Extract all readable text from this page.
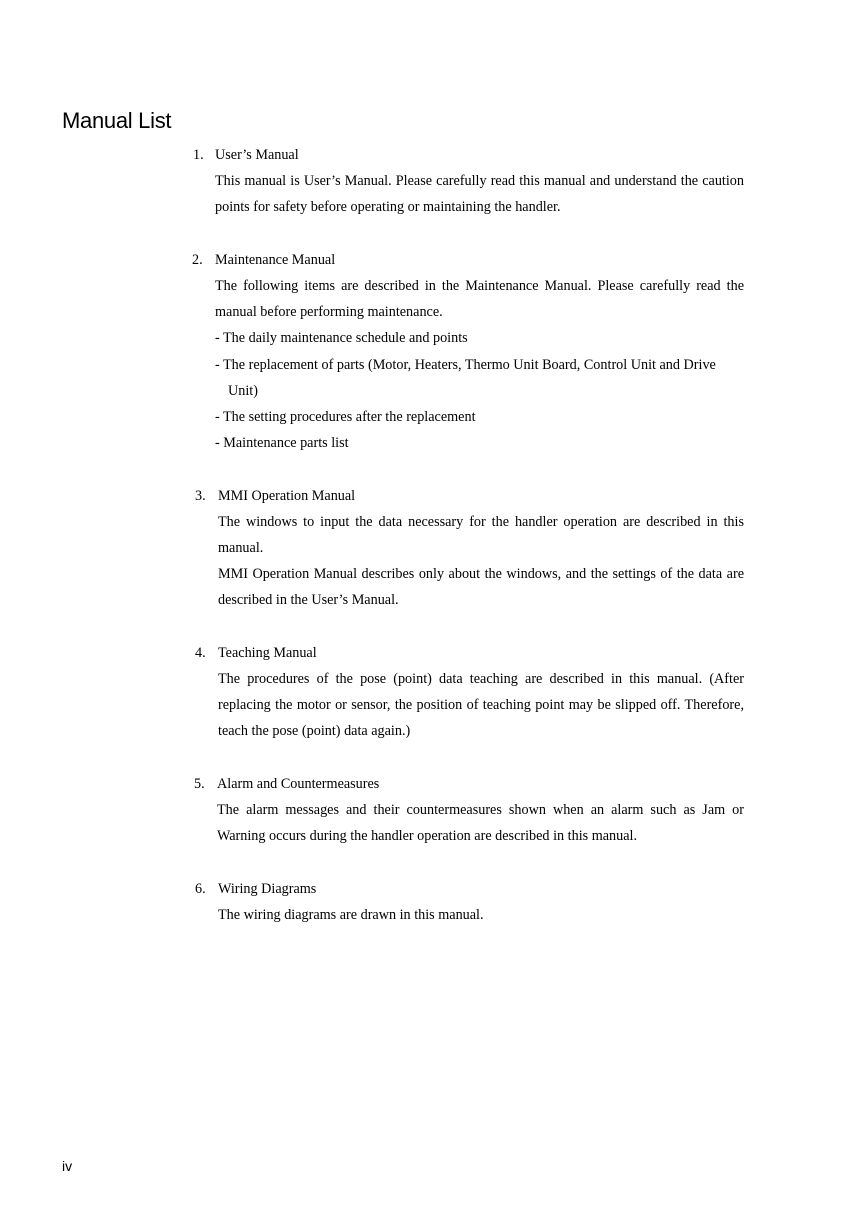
Manual List
1. User’s Manual
This manual is User’s Manual. Please carefully read this manual and understand the caution points for safety before operating or maintaining the handler.
2. Maintenance Manual
The following items are described in the Maintenance Manual. Please carefully read the manual before performing maintenance.
- The daily maintenance schedule and points
- The replacement of parts (Motor, Heaters, Thermo Unit Board, Control Unit and Drive Unit)
- The setting procedures after the replacement
- Maintenance parts list
3. MMI Operation Manual
The windows to input the data necessary for the handler operation are described in this manual.
MMI Operation Manual describes only about the windows, and the settings of the data are described in the User’s Manual.
4. Teaching Manual
The procedures of the pose (point) data teaching are described in this manual. (After replacing the motor or sensor, the position of teaching point may be slipped off. Therefore, teach the pose (point) data again.)
5. Alarm and Countermeasures
The alarm messages and their countermeasures shown when an alarm such as Jam or Warning occurs during the handler operation are described in this manual.
6. Wiring Diagrams
The wiring diagrams are drawn in this manual.
iv
